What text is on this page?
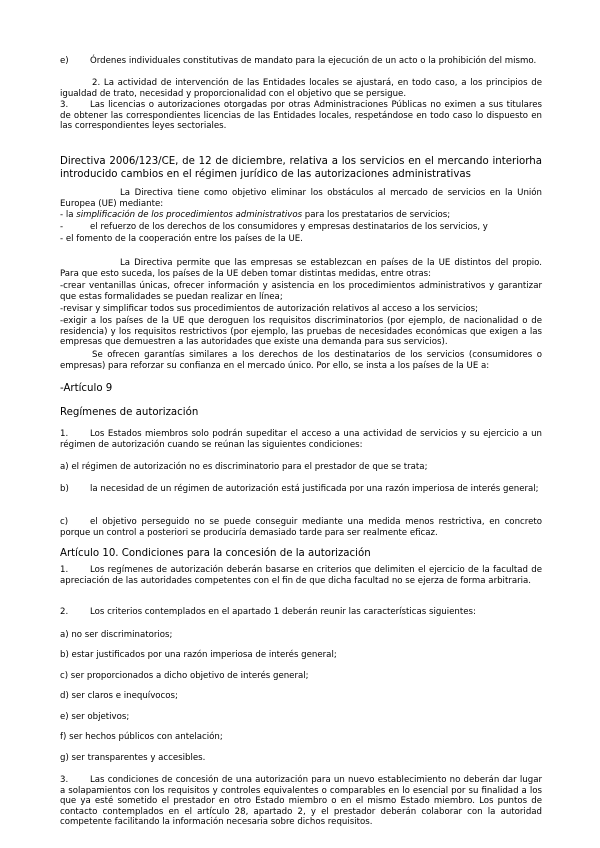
e) Órdenes individuales constitutivas de mandato para la ejecución de un acto o la prohibición del mismo.

2. La actividad de intervención de las Entidades locales se ajustará, en todo caso, a los principios de igualdad de trato, necesidad y proporcionalidad con el objetivo que se persigue.

3.	Las licencias o autorizaciones otorgadas por otras Administraciones Públicas no eximen a sus titulares de obtener las correspondientes licencias de las Entidades locales, respetándose en todo caso lo dispuesto en las correspondientes leyes sectoriales.

Directiva 2006/123/CE, de 12 de diciembre, relativa a los servicios en el mercando interiorha introducido cambios en el régimen jurídico de las autorizaciones administrativas

La Directiva tiene como objetivo eliminar los obstáculos al mercado de servicios en la Unión Europea (UE) mediante:

- la simplificación de los procedimientos administrativos para los prestatarios de servicios;

-	el refuerzo de los derechos de los consumidores y empresas destinatarios de los servicios, y

- el fomento de la cooperación entre los países de la UE.

La Directiva permite que las empresas se establezcan en países de la UE distintos del propio. Para que esto suceda, los países de la UE deben tomar distintas medidas, entre otras:

-crear ventanillas únicas, ofrecer información y asistencia en los procedimientos administrativos y garantizar que estas formalidades se puedan realizar en línea;

-revisar y simplificar todos sus procedimientos de autorización relativos al acceso a los servicios;

-exigir a los países de la UE que deroguen los requisitos discriminatorios (por ejemplo, de nacionalidad o de residencia) y los requisitos restrictivos (por ejemplo, las pruebas de necesidades económicas que exigen a las empresas que demuestren a las autoridades que existe una demanda para sus servicios).

Se ofrecen garantías similares a los derechos de los destinatarios de los servicios (consumidores o empresas) para reforzar su confianza en el mercado único. Por ello, se insta a los países de la UE a:

-Artículo 9

Regímenes de autorización

1.	Los Estados miembros solo podrán supeditar el acceso a una actividad de servicios y su ejercicio a un régimen de autorización cuando se reúnan las siguientes condiciones:

a) el régimen de autorización no es discriminatorio para el prestador de que se trata;

b) la necesidad de un régimen de autorización está justificada por una razón imperiosa de interés general;

c)	el objetivo perseguido no se puede conseguir mediante una medida menos restrictiva, en concreto porque un control a posteriori se produciría demasiado tarde para ser realmente eficaz.

Artículo 10. Condiciones para la concesión de la autorización

1.	Los regímenes de autorización deberán basarse en criterios que delimiten el ejercicio de la facultad de apreciación de las autoridades competentes con el fin de que dicha facultad no se ejerza de forma arbitraria.

2.	Los criterios contemplados en el apartado 1 deberán reunir las características siguientes:

a) no ser discriminatorios;

b) estar justificados por una razón imperiosa de interés general;

c) ser proporcionados a dicho objetivo de interés general;

d) ser claros e inequívocos;

e) ser objetivos;

f) ser hechos públicos con antelación;

g) ser transparentes y accesibles.

3.	Las condiciones de concesión de una autorización para un nuevo establecimiento no deberán dar lugar a solapamientos con los requisitos y controles equivalentes o comparables en lo esencial por su finalidad a los que ya esté sometido el prestador en otro Estado miembro o en el mismo Estado miembro. Los puntos de contacto contemplados en el artículo 28, apartado 2, y el prestador deberán colaborar con la autoridad competente facilitando la información necesaria sobre dichos requisitos.
